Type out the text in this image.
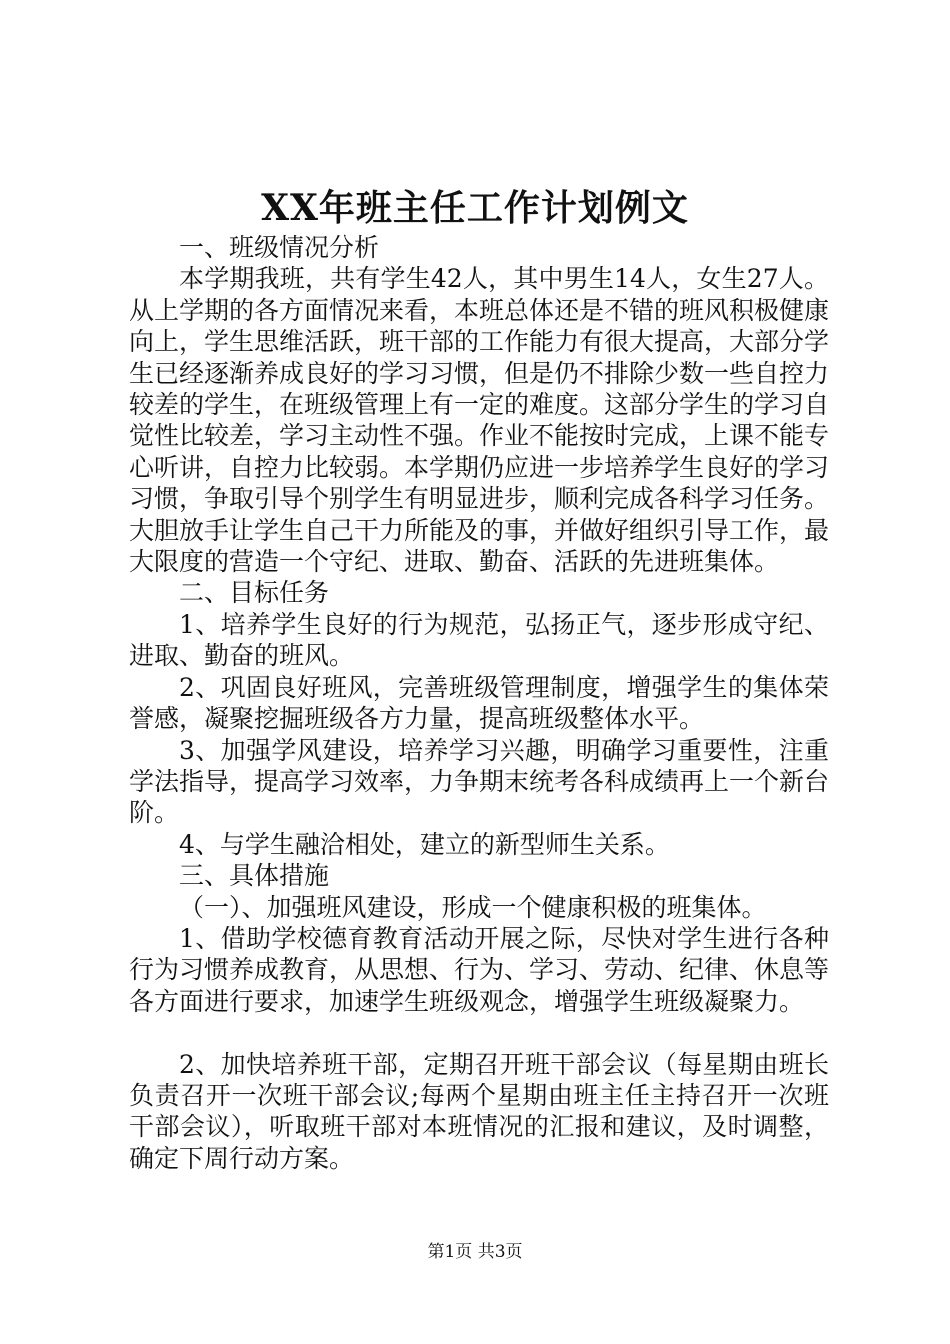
XX年班主任工作计划例文

一、班级情况分析

本学期我班，共有学生42人，其中男生14人，女生27人。从上学期的各方面情况来看，本班总体还是不错的班风积极健康向上，学生思维活跃，班干部的工作能力有很大提高，大部分学生已经逐渐养成良好的学习习惯，但是仍不排除少数一些自控力较差的学生，在班级管理上有一定的难度。这部分学生的学习自觉性比较差，学习主动性不强。作业不能按时完成，上课不能专心听讲，自控力比较弱。本学期仍应进一步培养学生良好的学习习惯，争取引导个别学生有明显进步，顺利完成各科学习任务。大胆放手让学生自己干力所能及的事，并做好组织引导工作，最大限度的营造一个守纪、进取、勤奋、活跃的先进班集体。

二、目标任务

1、培养学生良好的行为规范，弘扬正气，逐步形成守纪、进取、勤奋的班风。

2、巩固良好班风，完善班级管理制度，增强学生的集体荣誉感，凝聚挖掘班级各方力量，提高班级整体水平。

3、加强学风建设，培养学习兴趣，明确学习重要性，注重学法指导，提高学习效率，力争期末统考各科成绩再上一个新台阶。

4、与学生融洽相处，建立的新型师生关系。

三、具体措施

（一）、加强班风建设，形成一个健康积极的班集体。

1、借助学校德育教育活动开展之际，尽快对学生进行各种行为习惯养成教育，从思想、行为、学习、劳动、纪律、休息等各方面进行要求，加速学生班级观念，增强学生班级凝聚力。

2、加快培养班干部，定期召开班干部会议（每星期由班长负责召开一次班干部会议;每两个星期由班主任主持召开一次班干部会议），听取班干部对本班情况的汇报和建议，及时调整，确定下周行动方案。

第1页 共3页
